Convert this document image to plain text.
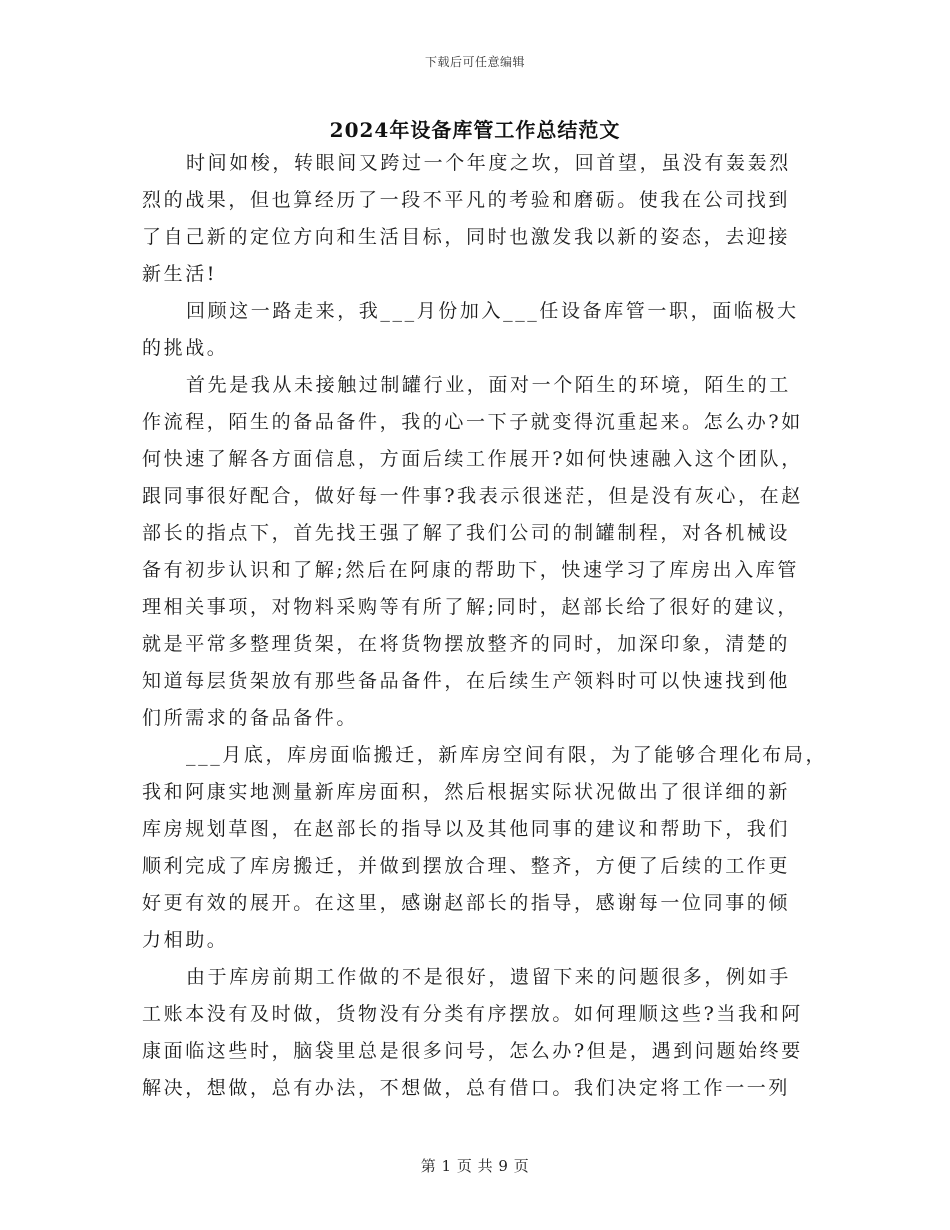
下载后可任意编辑
2024年设备库管工作总结范文
时间如梭，转眼间又跨过一个年度之坎，回首望，虽没有轰轰烈
烈的战果，但也算经历了一段不平凡的考验和磨砺。使我在公司找到
了自己新的定位方向和生活目标，同时也激发我以新的姿态，去迎接
新生活!
回顾这一路走来，我___月份加入___任设备库管一职，面临极大
的挑战。
首先是我从未接触过制罐行业，面对一个陌生的环境，陌生的工
作流程，陌生的备品备件，我的心一下子就变得沉重起来。怎么办?如
何快速了解各方面信息，方面后续工作展开?如何快速融入这个团队，
跟同事很好配合，做好每一件事?我表示很迷茫，但是没有灰心，在赵
部长的指点下，首先找王强了解了我们公司的制罐制程，对各机械设
备有初步认识和了解;然后在阿康的帮助下，快速学习了库房出入库管
理相关事项，对物料采购等有所了解;同时，赵部长给了很好的建议，
就是平常多整理货架，在将货物摆放整齐的同时，加深印象，清楚的
知道每层货架放有那些备品备件，在后续生产领料时可以快速找到他
们所需求的备品备件。
___月底，库房面临搬迁，新库房空间有限，为了能够合理化布局，
我和阿康实地测量新库房面积，然后根据实际状况做出了很详细的新
库房规划草图，在赵部长的指导以及其他同事的建议和帮助下，我们
顺利完成了库房搬迁，并做到摆放合理、整齐，方便了后续的工作更
好更有效的展开。在这里，感谢赵部长的指导，感谢每一位同事的倾
力相助。
由于库房前期工作做的不是很好，遗留下来的问题很多，例如手
工账本没有及时做，货物没有分类有序摆放。如何理顺这些?当我和阿
康面临这些时，脑袋里总是很多问号，怎么办?但是，遇到问题始终要
解决，想做，总有办法，不想做，总有借口。我们决定将工作一一列
第 1 页 共 9 页
